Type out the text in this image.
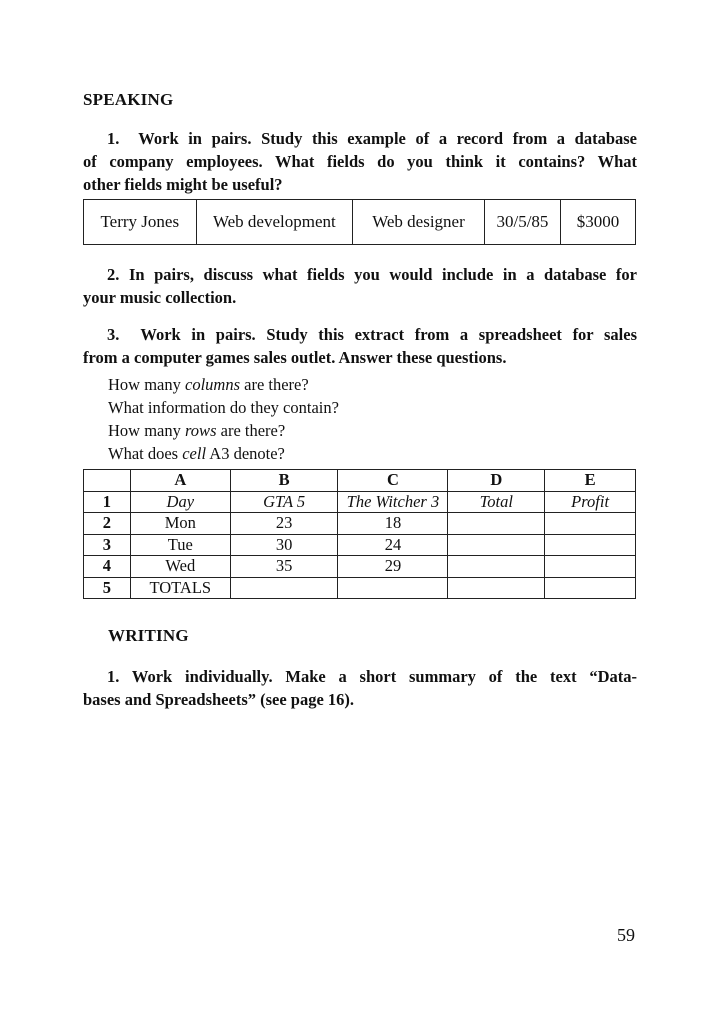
SPEAKING
1. Work in pairs. Study this example of a record from a database
of company employees. What fields do you think it contains? What
other fields might be useful?
Terry Jones	Web development	Web designer	30/5/85	$3000
2. In pairs, discuss what fields you would include in a database for
your music collection.
3. Work in pairs. Study this extract from a spreadsheet for sales
from a computer games sales outlet. Answer these questions.
How many columns are there?
What information do they contain?
How many rows are there?
What does cell A3 denote?
	A	B	C	D	E
1	Day	GTA 5	The Witcher 3	Total	Profit
2	Mon	23	18		
3	Tue	30	24		
4	Wed	35	29		
5	TOTALS				
WRITING
1. Work individually. Make a short summary of the text “Data-
bases and Spreadsheets” (see page 16).
59
